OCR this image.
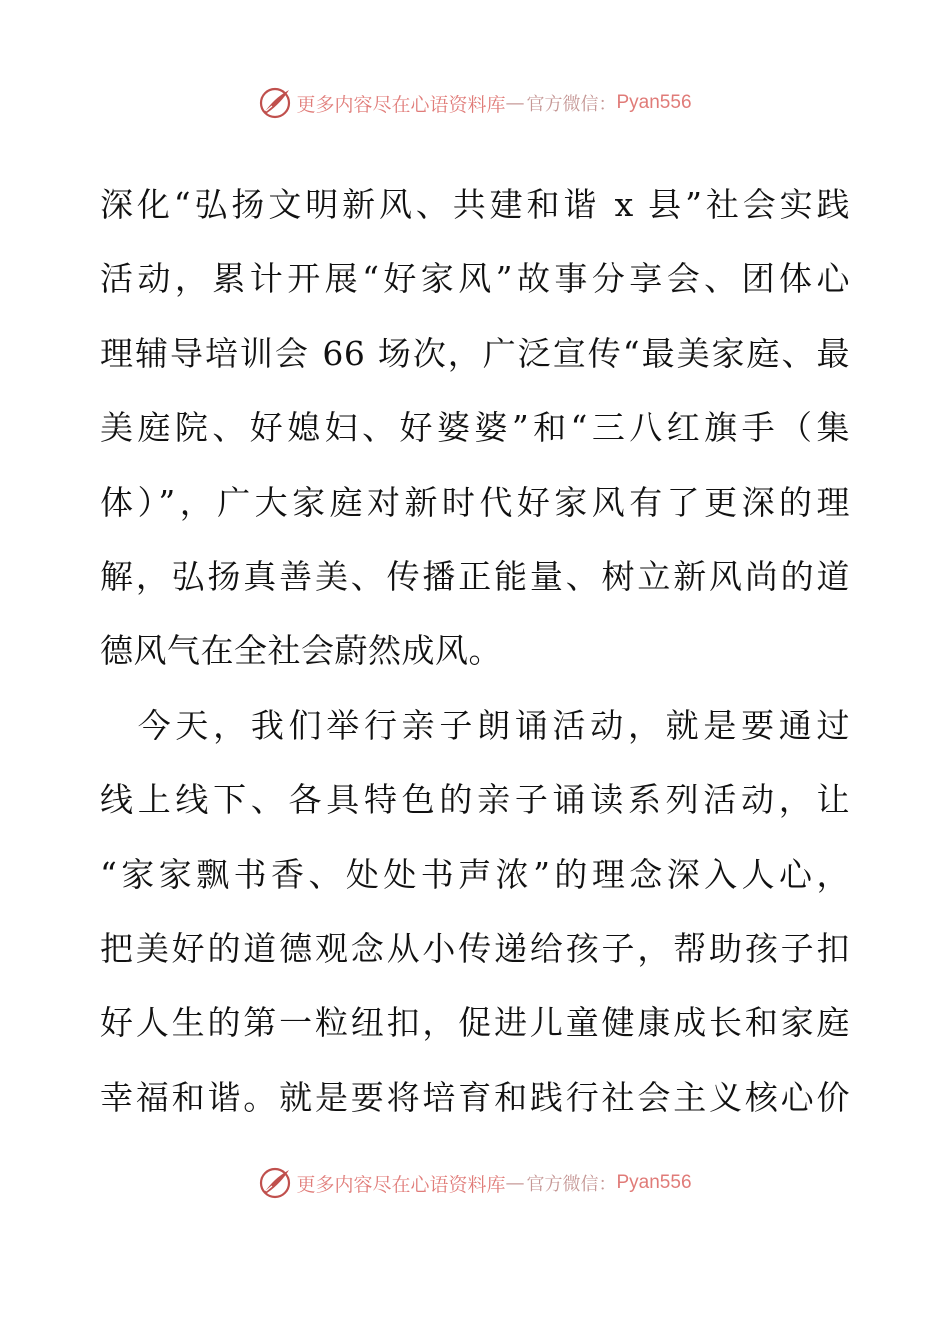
更多内容尽在心语资料库 — 官方微信： Pyan556
深化“弘扬文明新风、共建和谐 x 县”社会实践
活动，累计开展“好家风”故事分享会、团体心
理辅导培训会 66 场次，广泛宣传“最美家庭、最
美庭院、好媳妇、好婆婆”和“三八红旗手（集
体）”，广大家庭对新时代好家风有了更深的理
解，弘扬真善美、传播正能量、树立新风尚的道
德风气在全社会蔚然成风。
　今天，我们举行亲子朗诵活动，就是要通过
线上线下、各具特色的亲子诵读系列活动，让
“家家飘书香、处处书声浓”的理念深入人心，
把美好的道德观念从小传递给孩子，帮助孩子扣
好人生的第一粒纽扣，促进儿童健康成长和家庭
幸福和谐。就是要将培育和践行社会主义核心价
更多内容尽在心语资料库 — 官方微信： Pyan556
